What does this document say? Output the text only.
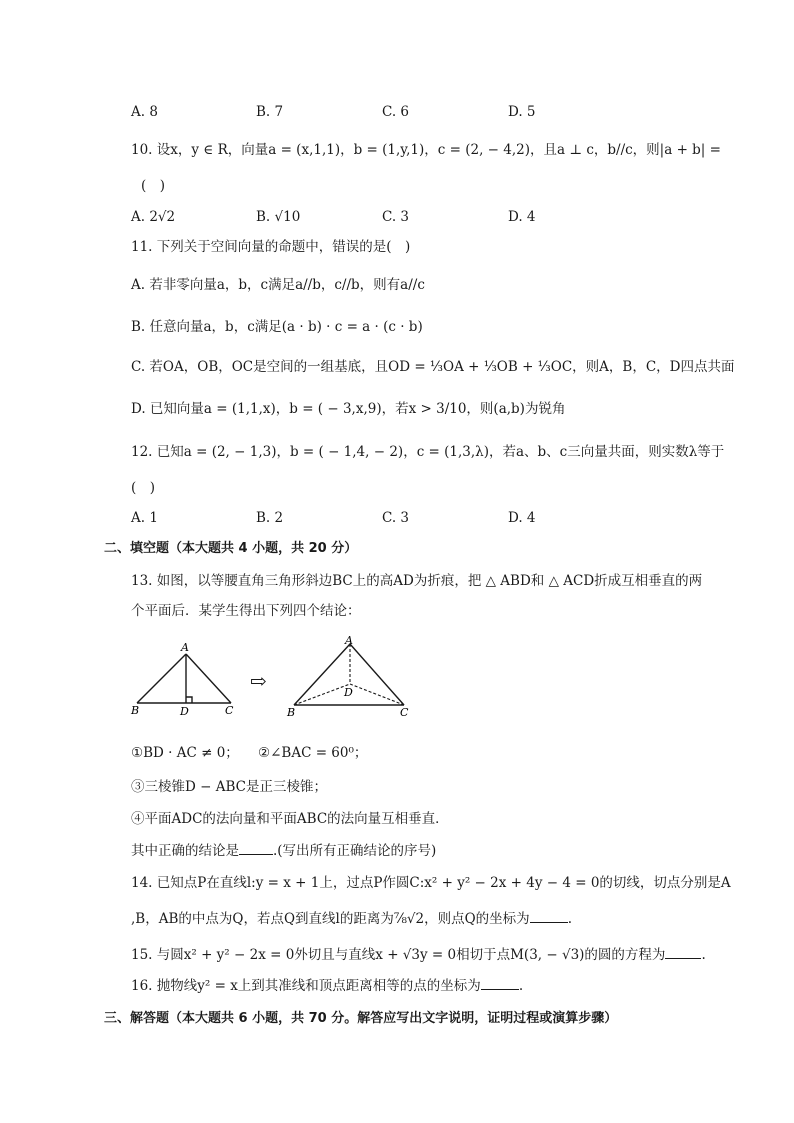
A. 8	B. 7	C. 6	D. 5
10. 设x，y ∈ R，向量a = (x,1,1)，b = (1,y,1)，c = (2, − 4,2)，且a ⊥ c，b//c，则|a + b| =
(　)
A. 2√2	B. √10	C. 3	D. 4
11. 下列关于空间向量的命题中，错误的是(　)
A. 若非零向量a，b，c满足a//b，c//b，则有a//c
B. 任意向量a，b，c满足(a · b) · c = a · (c · b)
C. 若OA，OB，OC是空间的一组基底，且OD = ⅓OA + ⅓OB + ⅓OC，则A，B，C，D四点共面
D. 已知向量a = (1,1,x)，b = ( − 3,x,9)，若x > 3/10，则(a,b)为锐角
12. 已知a = (2, − 1,3)，b = ( − 1,4, − 2)，c = (1,3,λ)，若a、b、c三向量共面，则实数λ等于
(　)
A. 1	B. 2	C. 3	D. 4
二、填空题（本大题共 4 小题，共 20 分）
13. 如图，以等腰直角三角形斜边BC上的高AD为折痕，把 △ ABD和 △ ACD折成互相垂直的两
个平面后．某学生得出下列四个结论：
A
B	D	C
⇨
A
B
D
C
①BD · AC ≠ 0； ②∠BAC = 60⁰；
③三棱锥D − ABC是正三棱锥；
④平面ADC的法向量和平面ABC的法向量互相垂直．
其中正确的结论是	.(写出所有正确结论的序号)
14. 已知点P在直线l:y = x + 1上，过点P作圆C:x² + y² − 2x + 4y − 4 = 0的切线，切点分别是A
,B，AB的中点为Q，若点Q到直线l的距离为⅞√2，则点Q的坐标为	.
15. 与圆x² + y² − 2x = 0外切且与直线x + √3y = 0相切于点M(3, − √3)的圆的方程为	.
16. 抛物线y² = x上到其准线和顶点距离相等的点的坐标为	.
三、解答题（本大题共 6 小题，共 70 分。解答应写出文字说明，证明过程或演算步骤）
